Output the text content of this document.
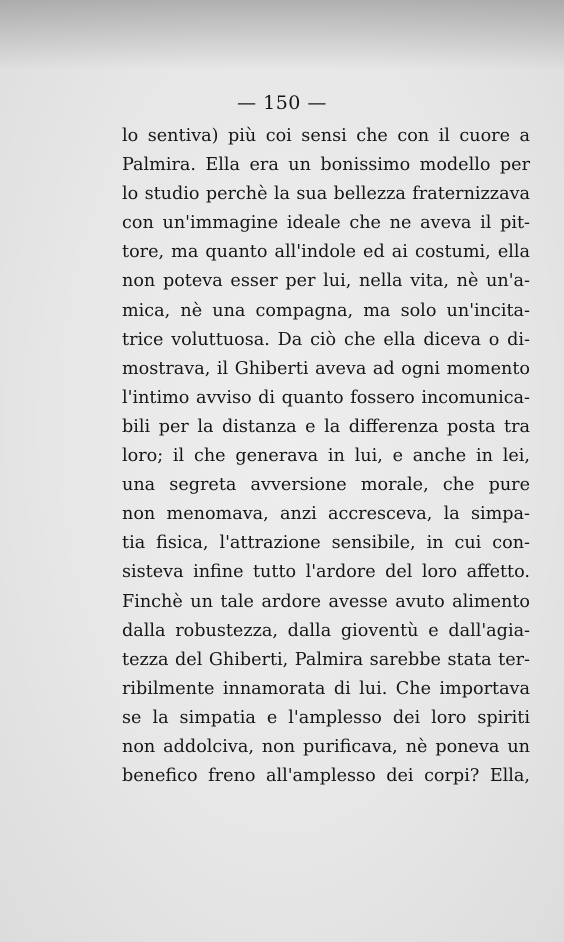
— 150 —
lo sentiva) più coi sensi che con il cuore a
Palmira. Ella era un bonissimo modello per
lo studio perchè la sua bellezza fraternizzava
con un'immagine ideale che ne aveva il pit-
tore, ma quanto all'indole ed ai costumi, ella
non poteva esser per lui, nella vita, nè un'a-
mica, nè una compagna, ma solo un'incita-
trice voluttuosa. Da ciò che ella diceva o di-
mostrava, il Ghiberti aveva ad ogni momento
l'intimo avviso di quanto fossero incomunica-
bili per la distanza e la differenza posta tra
loro; il che generava in lui, e anche in lei,
una segreta avversione morale, che pure
non menomava, anzi accresceva, la simpa-
tia fisica, l'attrazione sensibile, in cui con-
sisteva infine tutto l'ardore del loro affetto.
Finchè un tale ardore avesse avuto alimento
dalla robustezza, dalla gioventù e dall'agia-
tezza del Ghiberti, Palmira sarebbe stata ter-
ribilmente innamorata di lui. Che importava
se la simpatia e l'amplesso dei loro spiriti
non addolciva, non purificava, nè poneva un
benefico freno all'amplesso dei corpi? Ella,
